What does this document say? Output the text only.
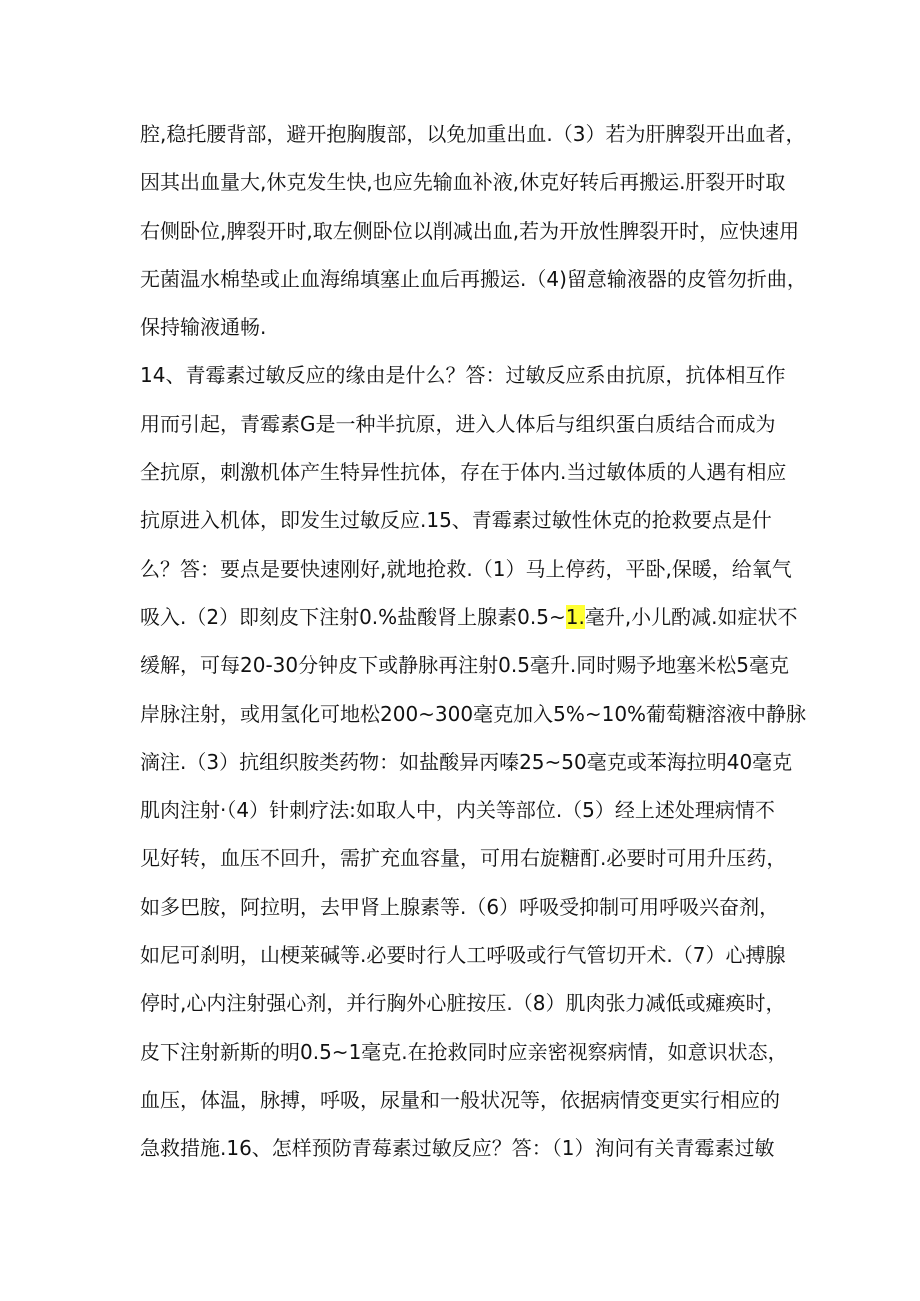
腔,稳托腰背部，避开抱胸腹部，以免加重出血.（3）若为肝脾裂开出血者，
因其出血量大,休克发生快,也应先输血补液,休克好转后再搬运.肝裂开时取
右侧卧位,脾裂开时,取左侧卧位以削减出血,若为开放性脾裂开时，应快速用
无菌温水棉垫或止血海绵填塞止血后再搬运.（4)留意输液器的皮管勿折曲，
保持输液通畅.
14、青霉素过敏反应的缘由是什么？答：过敏反应系由抗原，抗体相互作
用而引起，青霉素G是一种半抗原，进入人体后与组织蛋白质结合而成为
全抗原，刺激机体产生特异性抗体，存在于体内.当过敏体质的人遇有相应
抗原进入机体，即发生过敏反应.15、青霉素过敏性休克的抢救要点是什
么？答：要点是要快速刚好,就地抢救.（1）马上停药，平卧,保暖，给氧气
吸入.（2）即刻皮下注射0.%盐酸肾上腺素0.5~1.毫升,小儿酌减.如症状不
缓解，可每20-30分钟皮下或静脉再注射0.5毫升.同时赐予地塞米松5毫克
岸脉注射，或用氢化可地松200~300毫克加入5%~10%葡萄糖溶液中静脉
滴注.（3）抗组织胺类药物：如盐酸异丙嗪25~50毫克或苯海拉明40毫克
肌肉注射·（4）针刺疗法:如取人中，内关等部位.（5）经上述处理病情不
见好转，血压不回升，需扩充血容量，可用右旋糖酊.必要时可用升压药，
如多巴胺，阿拉明，去甲肾上腺素等.（6）呼吸受抑制可用呼吸兴奋剂，
如尼可刹明，山梗莱碱等.必要时行人工呼吸或行气管切开术.（7）心搏腺
停时,心内注射强心剂，并行胸外心脏按压.（8）肌肉张力减低或瘫痪时，
皮下注射新斯的明0.5~1毫克.在抢救同时应亲密视察病情，如意识状态，
血压，体温，脉搏，呼吸，尿量和一般状况等，依据病情变更实行相应的
急救措施.16、怎样预防青莓素过敏反应？答：（1）洵问有关青霉素过敏
